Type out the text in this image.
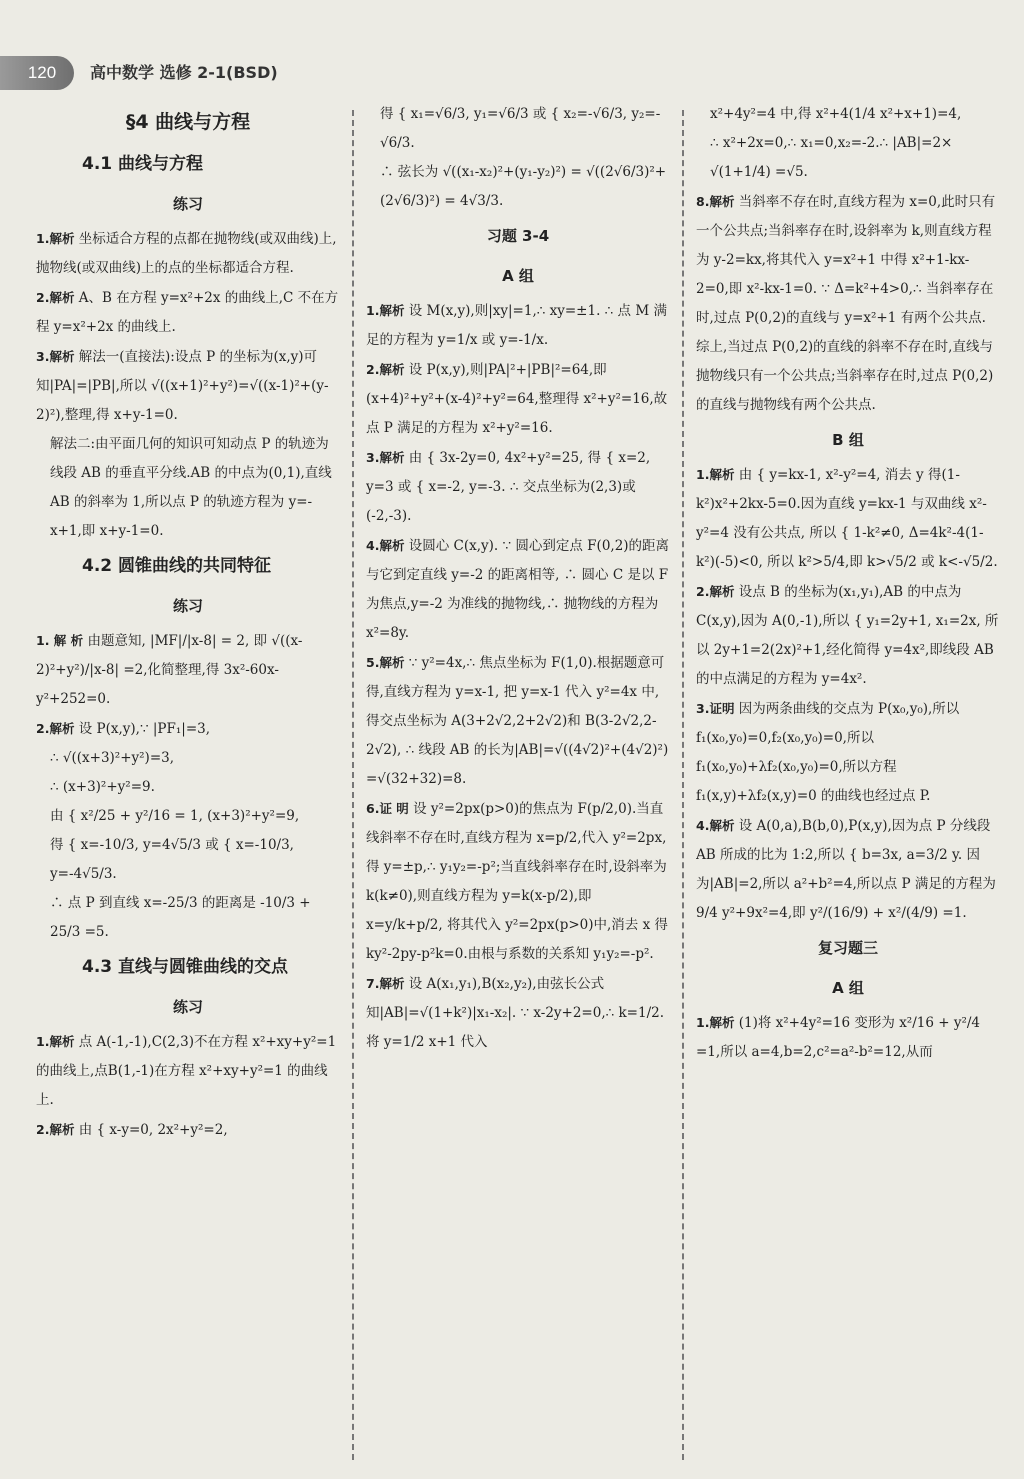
120	高中数学 选修 2-1(BSD)

§4 曲线与方程

4.1 曲线与方程

练习

1.解析 坐标适合方程的点都在抛物线(或双曲线)上,抛物线(或双曲线)上的点的坐标都适合方程.

2.解析 A、B 在方程 y=x²+2x 的曲线上,C 不在方程 y=x²+2x 的曲线上.

3.解析 解法一(直接法):设点 P 的坐标为(x,y)可知|PA|=|PB|,所以 √((x+1)²+y²)=√((x-1)²+(y-2)²),整理,得 x+y-1=0.

解法二:由平面几何的知识可知动点 P 的轨迹为线段 AB 的垂直平分线.AB 的中点为(0,1),直线 AB 的斜率为 1,所以点 P 的轨迹方程为 y=-x+1,即 x+y-1=0.

4.2 圆锥曲线的共同特征

练习

1. 解 析 由题意知, |MF|/|x-8| = 2, 即 √((x-2)²+y²)/|x-8| =2,化简整理,得 3x²-60x-y²+252=0.

2.解析 设 P(x,y),∵ |PF₁|=3,

∴ √((x+3)²+y²)=3,

∴ (x+3)²+y²=9.

由 { x²/25 + y²/16 = 1, (x+3)²+y²=9,

得 { x=-10/3, y=4√5/3 或 { x=-10/3, y=-4√5/3.

∴ 点 P 到直线 x=-25/3 的距离是 -10/3 + 25/3 =5.

4.3 直线与圆锥曲线的交点

练习

1.解析 点 A(-1,-1),C(2,3)不在方程 x²+xy+y²=1 的曲线上,点B(1,-1)在方程 x²+xy+y²=1 的曲线上.

2.解析 由 { x-y=0, 2x²+y²=2,

得 { x₁=√6/3, y₁=√6/3 或 { x₂=-√6/3, y₂=-√6/3.

∴ 弦长为 √((x₁-x₂)²+(y₁-y₂)²) = √((2√6/3)²+(2√6/3)²) = 4√3/3.

习题 3-4

A 组

1.解析 设 M(x,y),则|xy|=1,∴ xy=±1. ∴ 点 M 满足的方程为 y=1/x 或 y=-1/x.

2.解析 设 P(x,y),则|PA|²+|PB|²=64,即(x+4)²+y²+(x-4)²+y²=64,整理得 x²+y²=16,故点 P 满足的方程为 x²+y²=16.

3.解析 由 { 3x-2y=0, 4x²+y²=25, 得 { x=2, y=3 或 { x=-2, y=-3. ∴ 交点坐标为(2,3)或(-2,-3).

4.解析 设圆心 C(x,y). ∵ 圆心到定点 F(0,2)的距离与它到定直线 y=-2 的距离相等, ∴ 圆心 C 是以 F 为焦点,y=-2 为准线的抛物线,∴ 抛物线的方程为 x²=8y.

5.解析 ∵ y²=4x,∴ 焦点坐标为 F(1,0).根据题意可得,直线方程为 y=x-1, 把 y=x-1 代入 y²=4x 中,得交点坐标为 A(3+2√2,2+2√2)和 B(3-2√2,2-2√2), ∴ 线段 AB 的长为|AB|=√((4√2)²+(4√2)²) =√(32+32)=8.

6.证 明 设 y²=2px(p>0)的焦点为 F(p/2,0).当直线斜率不存在时,直线方程为 x=p/2,代入 y²=2px,得 y=±p,∴ y₁y₂=-p²;当直线斜率存在时,设斜率为 k(k≠0),则直线方程为 y=k(x-p/2),即 x=y/k+p/2, 将其代入 y²=2px(p>0)中,消去 x 得 ky²-2py-p²k=0.由根与系数的关系知 y₁y₂=-p².

7.解析 设 A(x₁,y₁),B(x₂,y₂),由弦长公式知|AB|=√(1+k²)|x₁-x₂|. ∵ x-2y+2=0,∴ k=1/2.将 y=1/2 x+1 代入

x²+4y²=4 中,得 x²+4(1/4 x²+x+1)=4,

∴ x²+2x=0,∴ x₁=0,x₂=-2.∴ |AB|=2× √(1+1/4) =√5.

8.解析 当斜率不存在时,直线方程为 x=0,此时只有一个公共点;当斜率存在时,设斜率为 k,则直线方程为 y-2=kx,将其代入 y=x²+1 中得 x²+1-kx-2=0,即 x²-kx-1=0. ∵ Δ=k²+4>0,∴ 当斜率存在时,过点 P(0,2)的直线与 y=x²+1 有两个公共点. 综上,当过点 P(0,2)的直线的斜率不存在时,直线与抛物线只有一个公共点;当斜率存在时,过点 P(0,2)的直线与抛物线有两个公共点.

B 组

1.解析 由 { y=kx-1, x²-y²=4, 消去 y 得(1-k²)x²+2kx-5=0.因为直线 y=kx-1 与双曲线 x²-y²=4 没有公共点, 所以 { 1-k²≠0, Δ=4k²-4(1-k²)(-5)<0, 所以 k²>5/4,即 k>√5/2 或 k<-√5/2.

2.解析 设点 B 的坐标为(x₁,y₁),AB 的中点为 C(x,y),因为 A(0,-1),所以 { y₁=2y+1, x₁=2x, 所以 2y+1=2(2x)²+1,经化简得 y=4x²,即线段 AB 的中点满足的方程为 y=4x².

3.证明 因为两条曲线的交点为 P(x₀,y₀),所以 f₁(x₀,y₀)=0,f₂(x₀,y₀)=0,所以 f₁(x₀,y₀)+λf₂(x₀,y₀)=0,所以方程 f₁(x,y)+λf₂(x,y)=0 的曲线也经过点 P.

4.解析 设 A(0,a),B(b,0),P(x,y),因为点 P 分线段 AB 所成的比为 1:2,所以 { b=3x, a=3/2 y. 因为|AB|=2,所以 a²+b²=4,所以点 P 满足的方程为 9/4 y²+9x²=4,即 y²/(16/9) + x²/(4/9) =1.

复习题三

A 组

1.解析 (1)将 x²+4y²=16 变形为 x²/16 + y²/4 =1,所以 a=4,b=2,c²=a²-b²=12,从而
